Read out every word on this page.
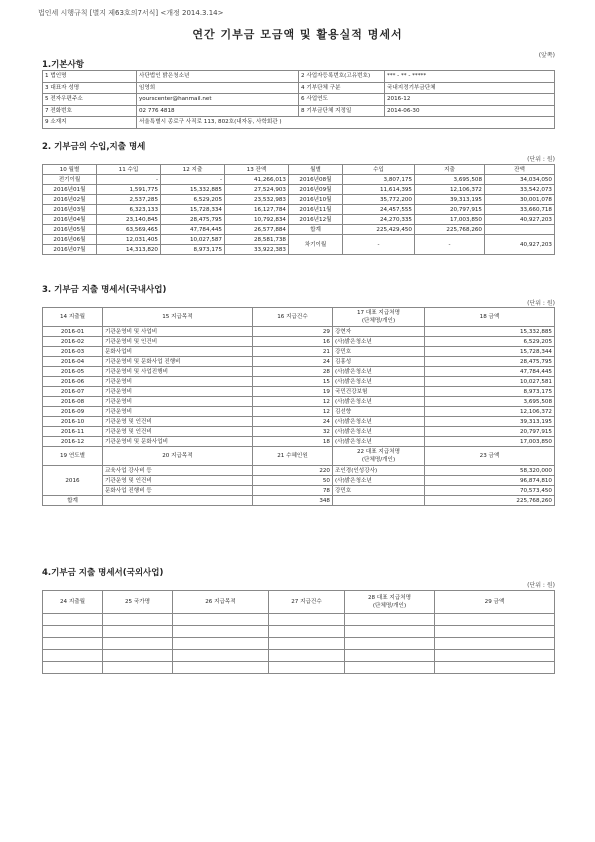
법인세 시행규칙 [별지 제63호의7서식] <개정 2014.3.14>
연간 기부금 모금액 및 활용실적 명세서
(앞쪽)
1.기본사항
1 법인명	사단법인 밝은청소년	2 사업자등록번호(고유번호)	*** - ** - *****
3 대표자 성명	임영희	4 기부단체 구분	국내지정기부금단체
5 전자우편주소	yourscenter@hanmail.net	6 사업연도	2016-12
7 전화번호	02 776 4818	8 기부금단체 지정일	2014-06-30
9 소재지	서울특별시 종로구 사직로 113, 802호(내자동, 사학회관 )		
2. 기부금의 수입,지출 명세
(단위 : 원)
10 월별	11 수입	12 지출	13 잔액	월별	수입	지출	잔액
전기이월	-	-	41,266,013	2016년08월	3,807,175	3,695,508	34,034,050
2016년01월	1,591,775	15,332,885	27,524,903	2016년09월	11,614,395	12,106,372	33,542,073
2016년02월	2,537,285	6,529,205	23,532,983	2016년10월	35,772,200	39,313,195	30,001,078
2016년03월	6,323,133	15,728,334	16,127,784	2016년11월	24,457,555	20,797,915	33,660,718
2016년04월	23,140,845	28,475,795	10,792,834	2016년12월	24,270,335	17,003,850	40,927,203
2016년05월	63,569,465	47,784,445	26,577,884	합계	225,429,450	225,768,260	
2016년06월	12,031,405	10,027,587	28,581,738	차기이월	-	-	40,927,203
2016년07월	14,313,820	8,973,175	33,922,383				
3. 기부금 지출 명세서(국내사업)
(단위 : 원)
14 지출월	15 지급목적	16 지급건수	17 대표 지급처명
(단체명/개인)	18 금액
2016-01	기관운영비 및 사업비	29	강현자	15,332,885
2016-02	기관운영비 및 인건비	16	(사)밝은청소년	6,529,205
2016-03	문화사업비	21	강민호	15,728,344
2016-04	기관운영비 및 문화사업 진행비	24	김홍성	28,475,795
2016-05	기관운영비 및 사업진행비	28	(사)밝은청소년	47,784,445
2016-06	기관운영비	15	(사)밝은청소년	10,027,581
2016-07	기관운영비	19	국민건강보험	8,973,175
2016-08	기관운영비	12	(사)밝은청소년	3,695,508
2016-09	기관운영비	12	김선향	12,106,372
2016-10	기관운영 및 인건비	24	(사)밝은청소년	39,313,195
2016-11	기관운영 및 인건비	32	(사)밝은청소년	20,797,915
2016-12	기관운영비 및 문화사업비	18	(사)밝은청소년	17,003,850
19 연도별	20 지급목적	21 수혜인원	22 대표 지급처명
(단체명/개인)	23 금액
2016	교육사업 강사비 등	220	조인경(인성강사)	58,320,000
	기관운영 및 인건비	50	(사)밝은청소년	96,874,810
	문화사업 진행비 등	78	강민호	70,573,450
합계		348		225,768,260
4.기부금 지출 명세서(국외사업)
(단위 : 원)
24 지출월	25 국가명	26 지급목적	27 지급건수	28 대표 지급처명
(단체명/개인)	29 금액
